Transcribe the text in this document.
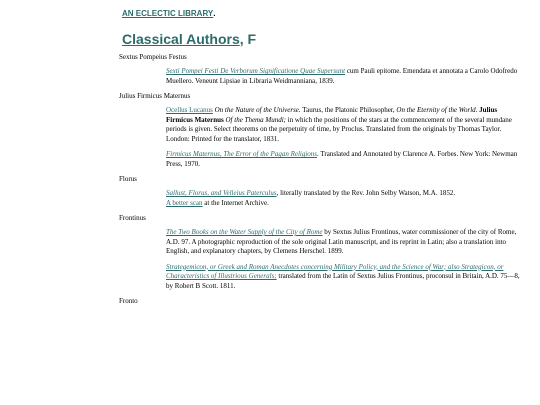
AN ECLECTIC LIBRARY.
Classical Authors, F
Sextus Pompeius Festus
Sexti Pompei Festi De Verborum Significatione Quae Supersunt cum Pauli epitome. Emendata et annotata a Carolo Odofredo Muellero. Veneunt Lipsiae in Libraria Weidmanniana, 1839.
Julius Firmicus Maternus
Ocellus Lucanus On the Nature of the Universe. Taurus, the Platonic Philosopher, On the Eternity of the World. Julius Firmicus Maternus Of the Thema Mundi; in which the positions of the stars at the commencement of the several mundane periods is given. Select theorems on the perpetuity of time, by Proclus. Translated from the originals by Thomas Taylor. London: Printed for the translator, 1831.
Firmicus Maternus, The Error of the Pagan Religions. Translated and Annotated by Clarence A. Forbes. New York: Newman Press, 1970.
Florus
Sallust, Florus, and Velleius Paterculus, literally translated by the Rev. John Selby Watson, M.A. 1852.
A better scan at the Internet Archive.
Frontinus
The Two Books on the Water Supply of the City of Rome by Sextus Julius Frontinus, water commissioner of the city of Rome, A.D. 97. A photographic reproduction of the sole original Latin manuscript, and its reprint in Latin; also a translation into English, and explanatory chapters, by Clemens Herschel. 1899.
Strategemicon, or Greek and Roman Anecdotes concerning Military Policy, and the Science of War; also Strategicon, or Characteristics of Illustrious Generals; translated from the Latin of Sextus Julius Frontinus, proconsul in Britain, A.D. 75—8, by Robert B Scott. 1811.
Fronto
